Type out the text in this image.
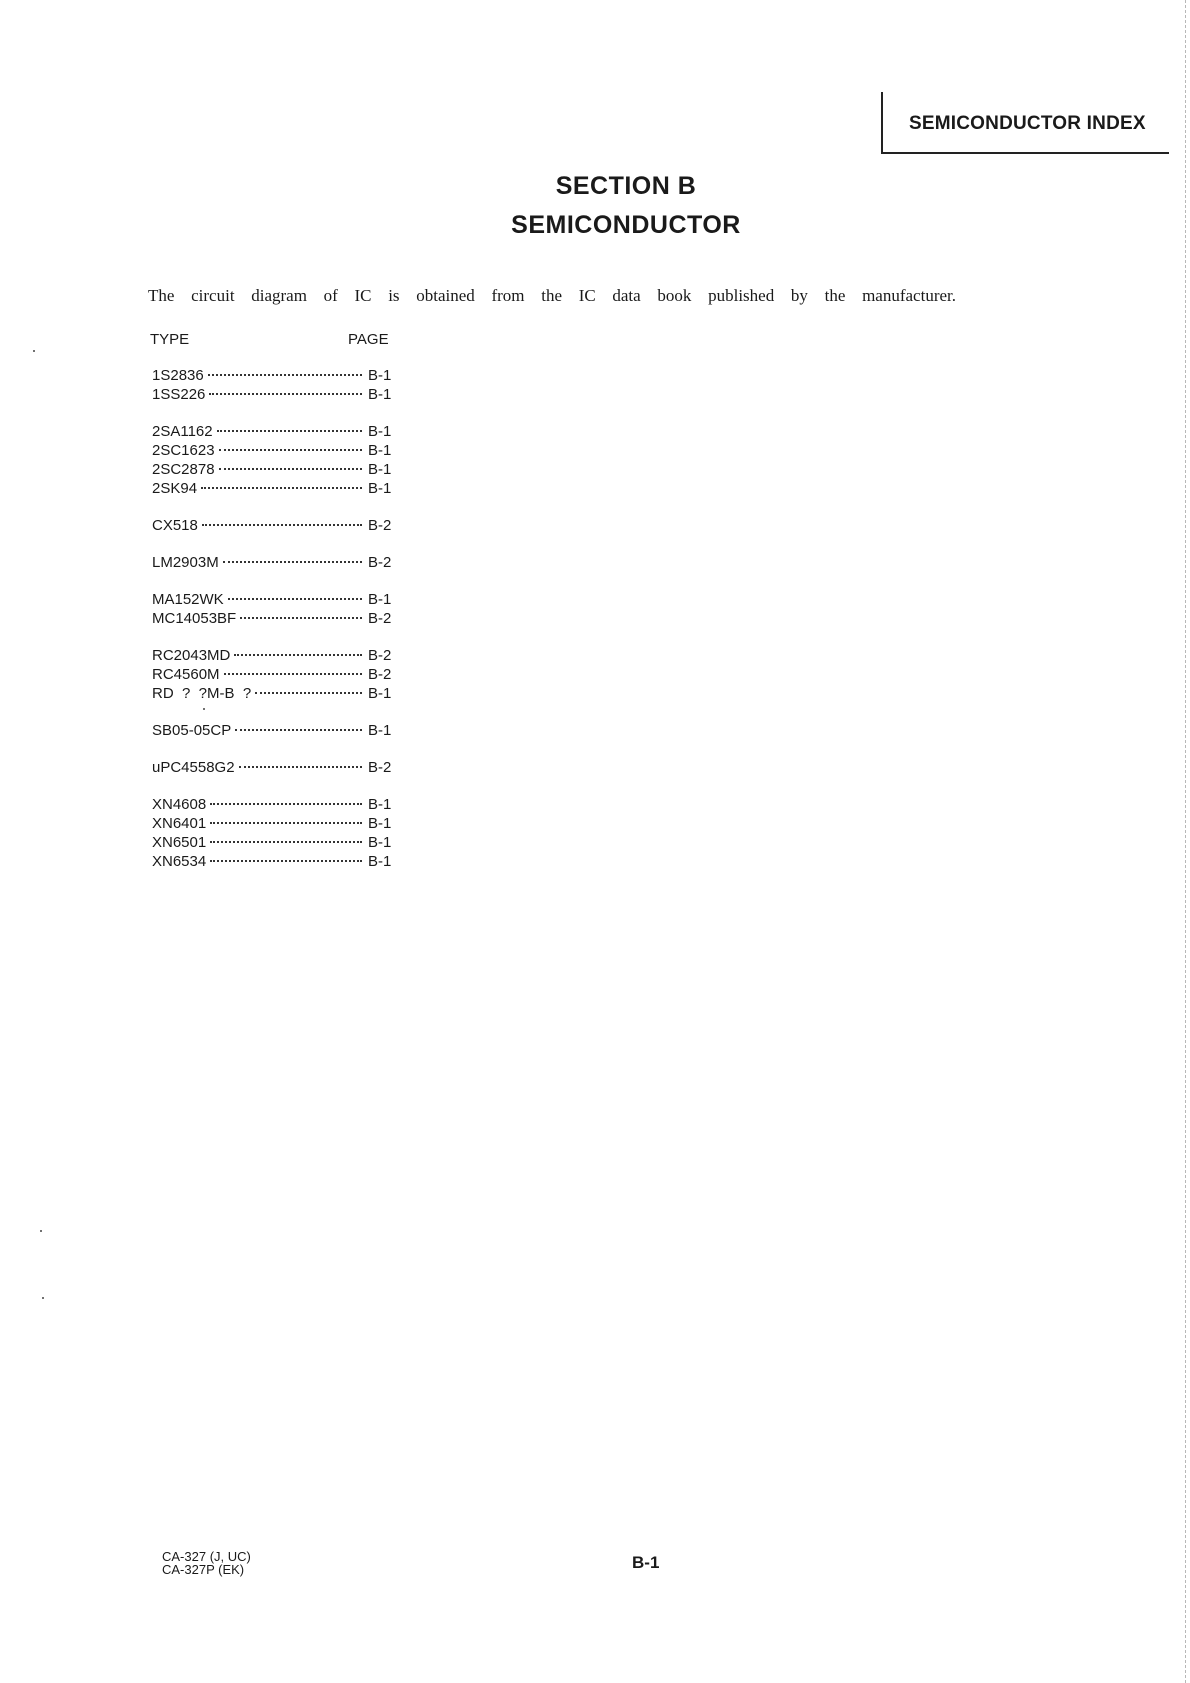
SEMICONDUCTOR INDEX
SECTION B
SEMICONDUCTOR
The circuit diagram of IC is obtained from the IC data book published by the manufacturer.
TYPE	PAGE
1S2836	B-1
1SS226	B-1
2SA1162	B-1
2SC1623	B-1
2SC2878	B-1
2SK94	B-1
CX518	B-2
LM2903M	B-2
MA152WK	B-1
MC14053BF	B-2
RC2043MD	B-2
RC4560M	B-2
RD  ?  ?M-B  ?	B-1
SB05-05CP	B-1
uPC4558G2	B-2
XN4608	B-1
XN6401	B-1
XN6501	B-1
XN6534	B-1
CA-327 (J, UC)
CA-327P (EK)	B-1
